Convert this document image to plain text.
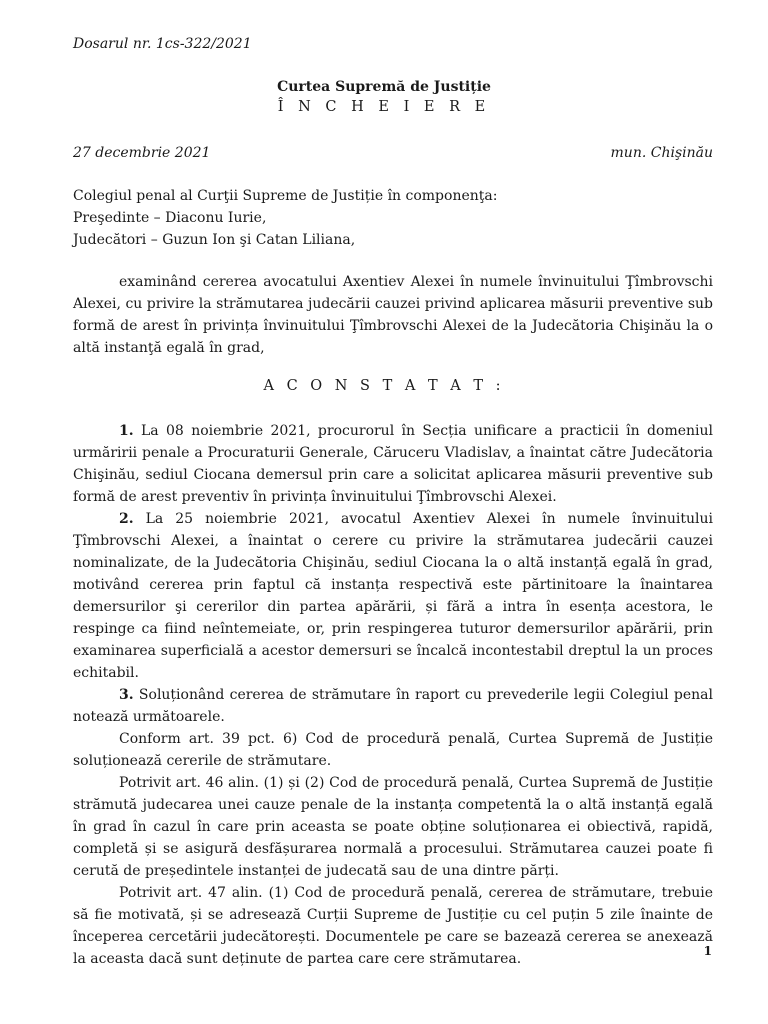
Dosarul nr. 1cs-322/2021
Curtea Supremă de Justiție
Î N C H E I E R E
27 decembrie 2021	mun. Chişinău

Colegiul penal al Curţii Supreme de Justiție în componenţa:

Preşedinte – Diaconu Iurie,

Judecători – Guzun Ion şi Catan Liliana,

examinând cererea avocatului Axentiev Alexei în numele învinuitului Ţîmbrovschi Alexei, cu privire la strămutarea judecării cauzei privind aplicarea măsurii preventive sub formă de arest în privința învinuitului Ţîmbrovschi Alexei de la Judecătoria Chişinău la o altă instanţă egală în grad,

A C O N S T A T A T :

1. La 08 noiembrie 2021, procurorul în Secția unificare a practicii în domeniul urmăririi penale a Procuraturii Generale, Căruceru Vladislav, a înaintat către Judecătoria Chişinău, sediul Ciocana demersul prin care a solicitat aplicarea măsurii preventive sub formă de arest preventiv în privința învinuitului Ţîmbrovschi Alexei.

2. La 25 noiembrie 2021, avocatul Axentiev Alexei în numele învinuitului Ţîmbrovschi Alexei, a înaintat o cerere cu privire la strămutarea judecării cauzei nominalizate, de la Judecătoria Chişinău, sediul Ciocana la o altă instanță egală în grad, motivând cererea prin faptul că instanța respectivă este părtinitoare la înaintarea demersurilor şi cererilor din partea apărării, și fără a intra în esența acestora, le respinge ca fiind neîntemeiate, or, prin respingerea tuturor demersurilor apărării, prin examinarea superficială a acestor demersuri se încalcă incontestabil dreptul la un proces echitabil.

3. Soluționând cererea de strămutare în raport cu prevederile legii Colegiul penal notează următoarele.

Conform art. 39 pct. 6) Cod de procedură penală, Curtea Supremă de Justiție soluționează cererile de strămutare.

Potrivit art. 46 alin. (1) și (2) Cod de procedură penală, Curtea Supremă de Justiție strămută judecarea unei cauze penale de la instanța competentă la o altă instanță egală în grad în cazul în care prin aceasta se poate obține soluționarea ei obiectivă, rapidă, completă și se asigură desfășurarea normală a procesului. Strămutarea cauzei poate fi cerută de președintele instanței de judecată sau de una dintre părți.

Potrivit art. 47 alin. (1) Cod de procedură penală, cererea de strămutare, trebuie să fie motivată, și se adresează Curții Supreme de Justiție cu cel puțin 5 zile înainte de începerea cercetării judecătorești. Documentele pe care se bazează cererea se anexează la aceasta dacă sunt deținute de partea care cere strămutarea.	1
